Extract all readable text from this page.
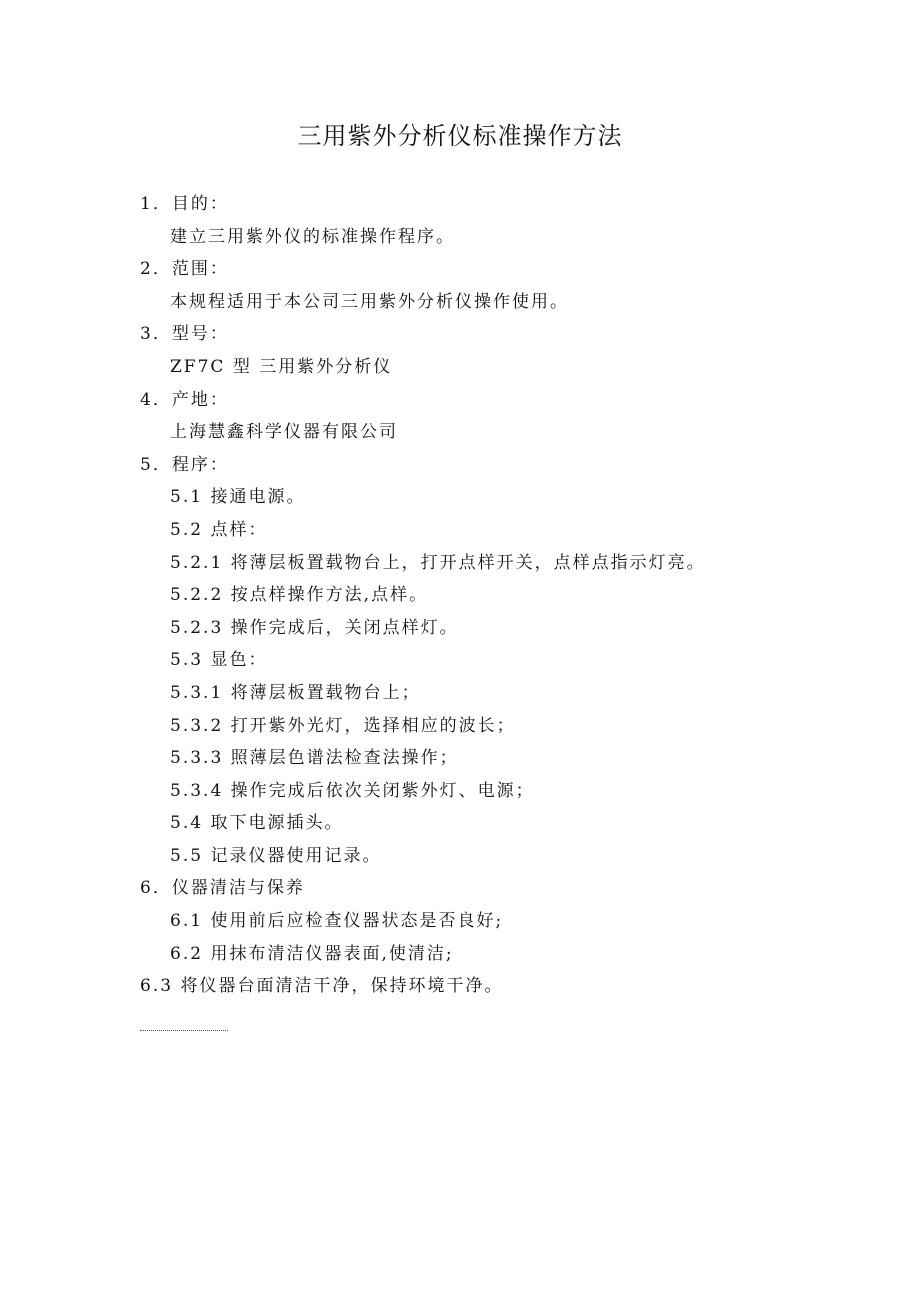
三用紫外分析仪标准操作方法
1．目的：
建立三用紫外仪的标准操作程序。
2．范围：
本规程适用于本公司三用紫外分析仪操作使用。
3．型号：
ZF7C 型 三用紫外分析仪
4．产地：
上海慧鑫科学仪器有限公司
5．程序：
5.1 接通电源。
5.2 点样：
5.2.1 将薄层板置载物台上，打开点样开关，点样点指示灯亮。
5.2.2 按点样操作方法,点样。
5.2.3 操作完成后，关闭点样灯。
5.3 显色：
5.3.1 将薄层板置载物台上；
5.3.2 打开紫外光灯，选择相应的波长；
5.3.3 照薄层色谱法检查法操作；
5.3.4 操作完成后依次关闭紫外灯、电源；
5.4 取下电源插头。
5.5 记录仪器使用记录。
6．仪器清洁与保养
6.1 使用前后应检查仪器状态是否良好;
6.2 用抹布清洁仪器表面,使清洁;
6.3 将仪器台面清洁干净，保持环境干净。
